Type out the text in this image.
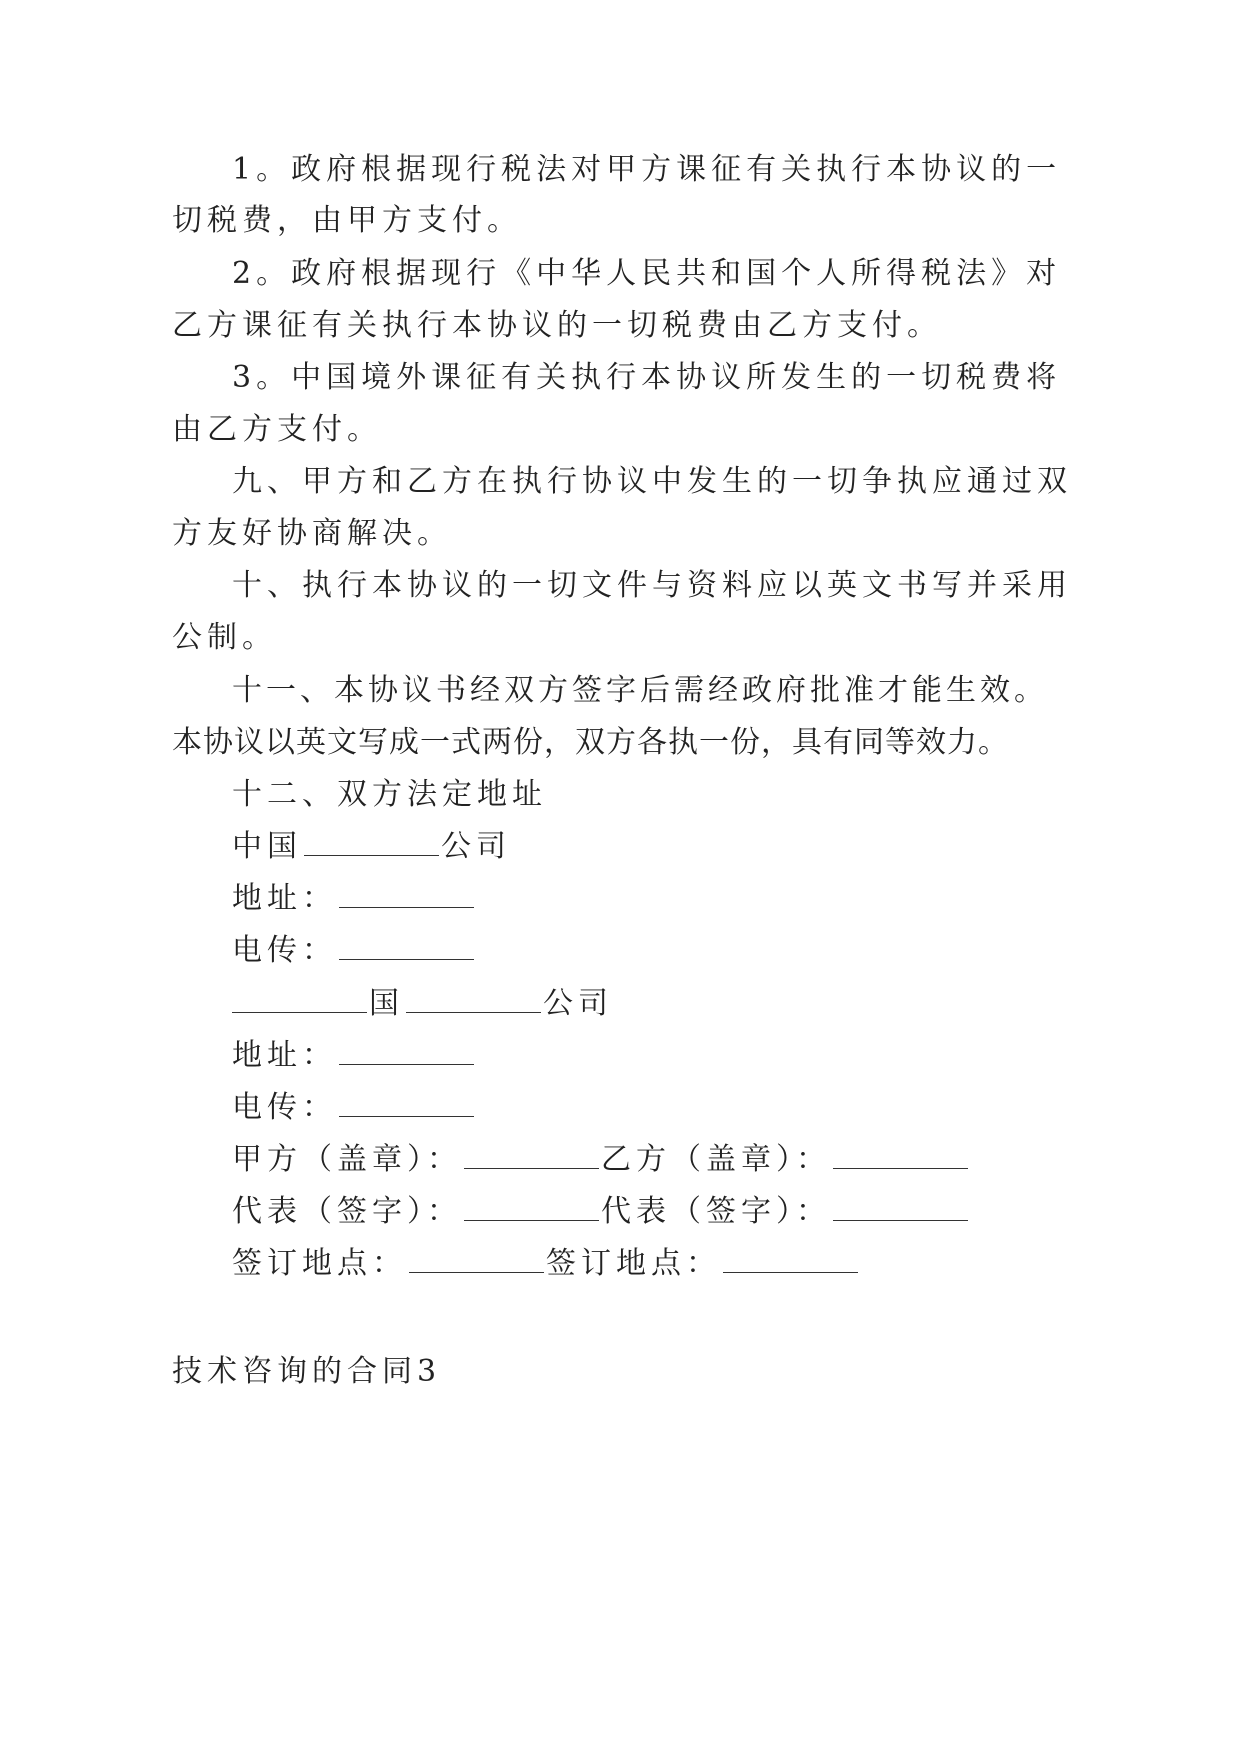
1。政府根据现行税法对甲方课征有关执行本协议的一

切税费，由甲方支付。

2。政府根据现行《中华人民共和国个人所得税法》对

乙方课征有关执行本协议的一切税费由乙方支付。

3。中国境外课征有关执行本协议所发生的一切税费将

由乙方支付。

九、甲方和乙方在执行协议中发生的一切争执应通过双

方友好协商解决。

十、执行本协议的一切文件与资料应以英文书写并采用

公制。

十一、本协议书经双方签字后需经政府批准才能生效。

本协议以英文写成一式两份，双方各执一份，具有同等效力。

十二、双方法定地址

中国	公司

地址：

电传：

国	公司

地址：

电传：

甲方（盖章）：	乙方（盖章）：

代表（签字）：	代表（签字）：

签订地点：	签订地点：

技术咨询的合同3
